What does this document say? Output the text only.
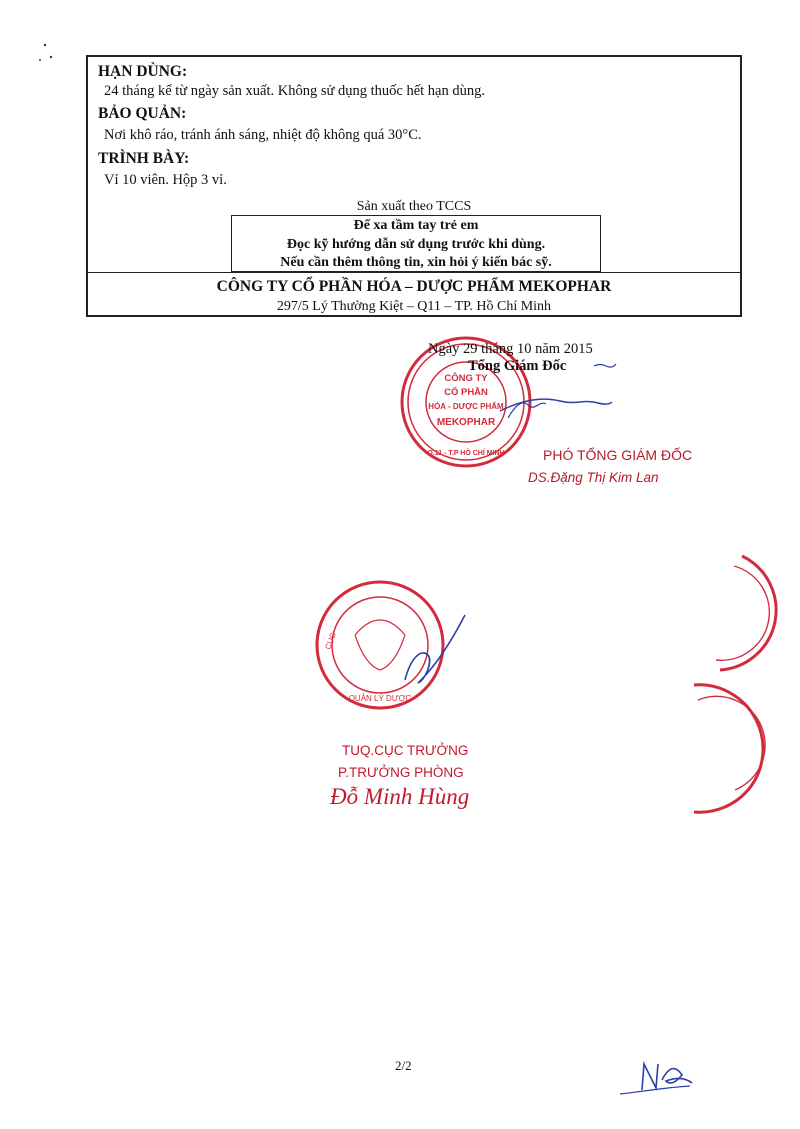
HẠN DÙNG:
24 tháng kể từ ngày sản xuất. Không sử dụng thuốc hết hạn dùng.
BẢO QUẢN:
Nơi khô ráo, tránh ánh sáng, nhiệt độ không quá 30°C.
TRÌNH BÀY:
Vỉ 10 viên. Hộp 3 vỉ.
Sản xuất theo TCCS
Để xa tầm tay trẻ em
Đọc kỹ hướng dẫn sử dụng trước khi dùng.
Nếu cần thêm thông tin, xin hỏi ý kiến bác sỹ.
CÔNG TY CỔ PHẦN HÓA – DƯỢC PHẨM MEKOPHAR
297/5 Lý Thường Kiệt – Q11 – TP. Hồ Chí Minh
CÔNG TY
CỔ PHẦN
HÓA - DƯỢC PHẨM
MEKOPHAR
Q.11 - T.P HỒ CHÍ MINH
CỤC
QUẢN LÝ DƯỢC
Ngày 29 tháng 10 năm 2015
Tổng Giám Đốc
PHÓ TỔNG GIÁM ĐỐC
DS.Đặng Thị Kim Lan
TUQ.CỤC TRƯỞNG
P.TRƯỞNG PHÒNG
Đỗ Minh Hùng
2/2
